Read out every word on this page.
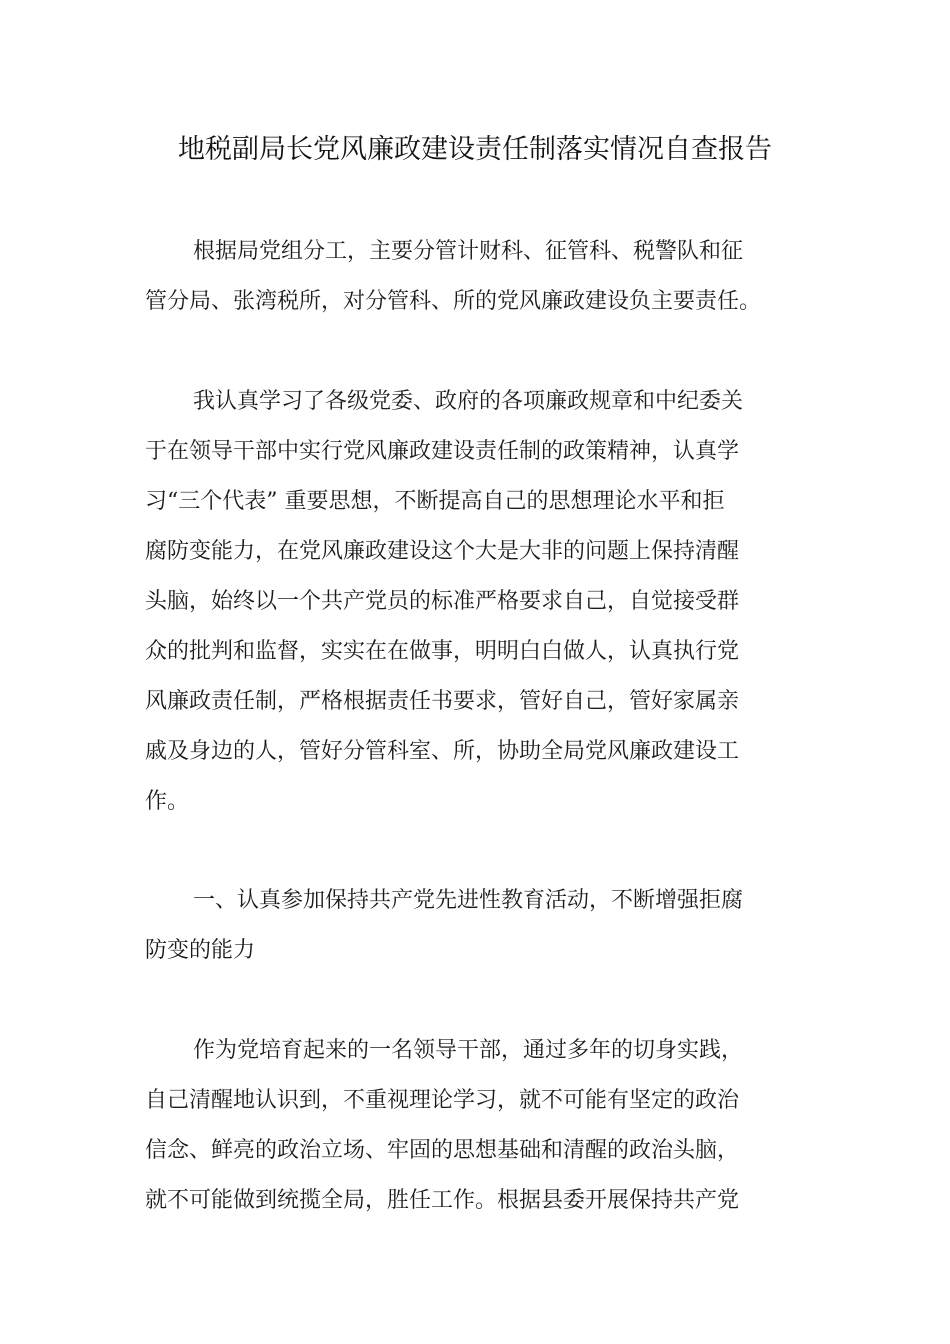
地税副局长党风廉政建设责任制落实情况自查报告
根据局党组分工，主要分管计财科、征管科、税警队和征
管分局、张湾税所，对分管科、所的党风廉政建设负主要责任。
我认真学习了各级党委、政府的各项廉政规章和中纪委关
于在领导干部中实行党风廉政建设责任制的政策精神，认真学
习“三个代表” 重要思想，不断提高自己的思想理论水平和拒
腐防变能力，在党风廉政建设这个大是大非的问题上保持清醒
头脑，始终以一个共产党员的标准严格要求自己，自觉接受群
众的批判和监督，实实在在做事，明明白白做人，认真执行党
风廉政责任制，严格根据责任书要求，管好自己，管好家属亲
戚及身边的人，管好分管科室、所，协助全局党风廉政建设工
作。
一、认真参加保持共产党先进性教育活动，不断增强拒腐
防变的能力
作为党培育起来的一名领导干部，通过多年的切身实践，
自己清醒地认识到，不重视理论学习，就不可能有坚定的政治
信念、鲜亮的政治立场、牢固的思想基础和清醒的政治头脑，
就不可能做到统揽全局，胜任工作。根据县委开展保持共产党
